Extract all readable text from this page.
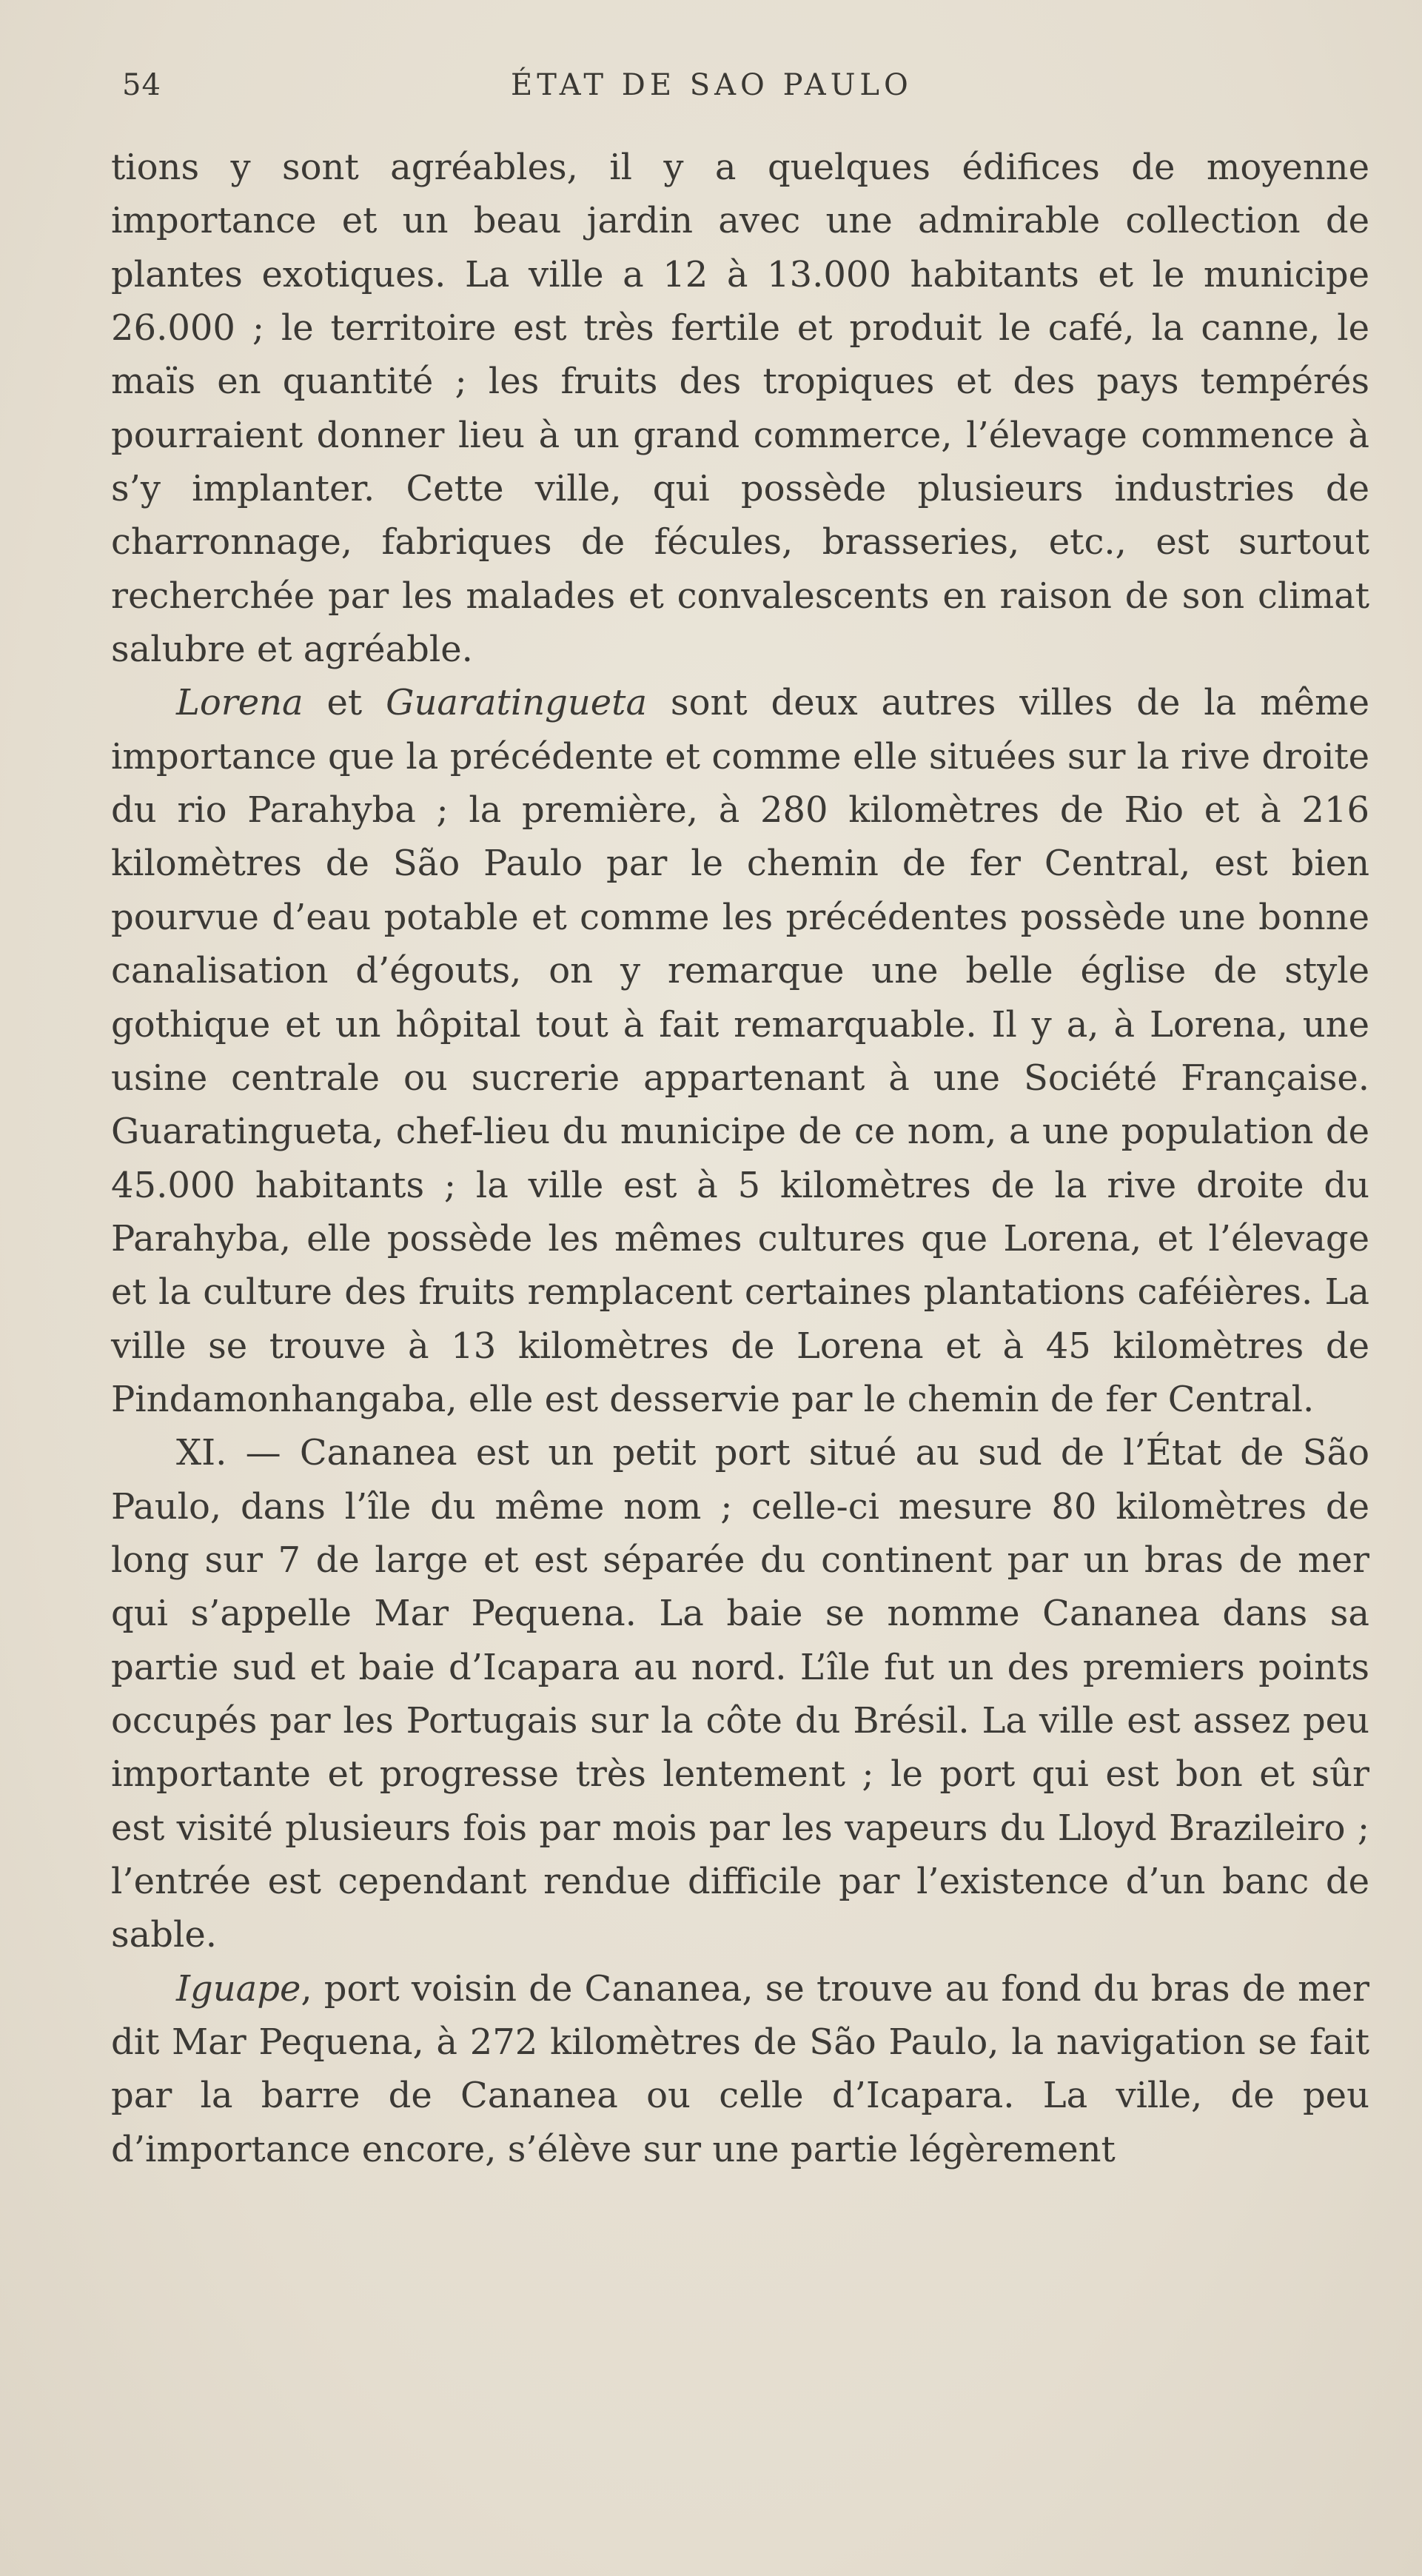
54	ÉTAT DE SAO PAULO

tions y sont agréables, il y a quelques édifices de moyenne importance et un beau jardin avec une admirable collection de plantes exotiques. La ville a 12 à 13.000 habitants et le municipe 26.000 ; le territoire est très fertile et produit le café, la canne, le maïs en quantité ; les fruits des tropiques et des pays tempérés pourraient donner lieu à un grand commerce, l’élevage commence à s’y implanter. Cette ville, qui possède plusieurs industries de charronnage, fabriques de fécules, brasseries, etc., est surtout recherchée par les malades et convalescents en raison de son climat salubre et agréable.

Lorena et Guaratingueta sont deux autres villes de la même importance que la précédente et comme elle situées sur la rive droite du rio Parahyba ; la première, à 280 kilomètres de Rio et à 216 kilomètres de São Paulo par le chemin de fer Central, est bien pourvue d’eau potable et comme les précédentes possède une bonne canalisation d’égouts, on y remarque une belle église de style gothique et un hôpital tout à fait remarquable. Il y a, à Lorena, une usine centrale ou sucrerie appartenant à une Société Française. Guaratingueta, chef-lieu du municipe de ce nom, a une population de 45.000 habitants ; la ville est à 5 kilomètres de la rive droite du Parahyba, elle possède les mêmes cultures que Lorena, et l’élevage et la culture des fruits remplacent certaines plantations caféières. La ville se trouve à 13 kilomètres de Lorena et à 45 kilomètres de Pindamonhangaba, elle est desservie par le chemin de fer Central.

XI. — Cananea est un petit port situé au sud de l’État de São Paulo, dans l’île du même nom ; celle-ci mesure 80 kilomètres de long sur 7 de large et est séparée du continent par un bras de mer qui s’appelle Mar Pequena. La baie se nomme Cananea dans sa partie sud et baie d’Icapara au nord. L’île fut un des premiers points occupés par les Portugais sur la côte du Brésil. La ville est assez peu importante et progresse très lentement ; le port qui est bon et sûr est visité plusieurs fois par mois par les vapeurs du Lloyd Brazileiro ; l’entrée est cependant rendue difficile par l’existence d’un banc de sable.

Iguape, port voisin de Cananea, se trouve au fond du bras de mer dit Mar Pequena, à 272 kilomètres de São Paulo, la navigation se fait par la barre de Cananea ou celle d’Icapara. La ville, de peu d’importance encore, s’élève sur une partie légèrement
